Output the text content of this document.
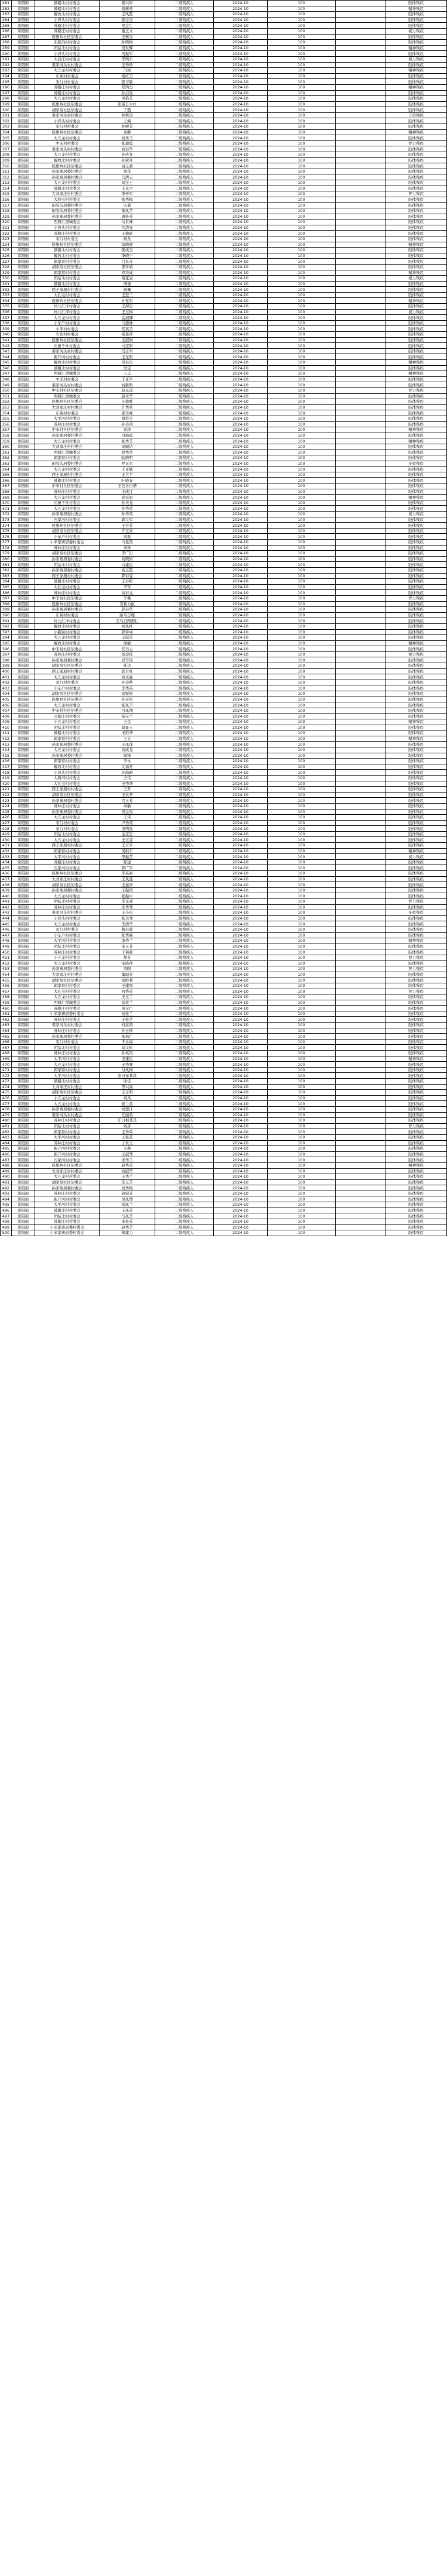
281	莱阳街	鼓楼北村村委会	姜兴如	二级残疾人	2024-10	100		肢体残疾
282	莱阳街	鼓楼北村村委会	战树芳	二级残疾人	2024-10	100		精神残疾
283	莱阳街	解放北村村委会	王风霞	二级残疾人	2024-10	100		肢体残疾
284	莱阳街	小泽头村村委会	张志杰	二级残疾人	2024-10	100		肢体残疾
285	莱阳街	苏格庄村村委会	吴金生	二级残疾人	2024-10	100		肢体残疾
286	莱阳街	苏格庄村村委会	董玉文	二级残疾人	2024-10	100		视力残疾
287	莱阳街	旌旗岭社区居委会	王树杰	二级残疾人	2024-10	100		肢体残疾
288	莱阳街	旧泥沟村村委会	孙晓梅	二级残疾人	2024-10	100		肢体残疾
289	莱阳街	团结北村村委会	吴发辉	二级残疾人	2024-10	100		精神残疾
290	莱阳街	小泽头村村委会	冯振军	二级残疾人	2024-10	100		肢体残疾
291	莱阳街	大吕庄村村委会	李晓东	二级残疾人	2024-10	100		视力残疾
292	莱阳街	姜家河头村村委会	王秀珍	二级残疾人	2024-10	100		肢体残疾
293	莱阳街	大五龙村村委会	冯成	二级残疾人	2024-10	100		精神残疾
294	莱阳街	东阁村村委会	杨红卫	二级残疾人	2024-10	100		肢体残疾
295	莱阳街	汞行村村委会	张丰敏	二级残疾人	2024-10	100		肢体残疾
296	莱阳街	苏格庄村村委会	郑鸿杰	二级残疾人	2024-10	100		精神残疾
297	莱阳街	苏格庄村村委会	孙启发	二级残疾人	2024-10	100		肢体残疾
298	莱阳街	大五龙村村委会	吴艳芳	二级残疾人	2024-10	100		肢体残疾
299	莱阳街	旌旗岭社区居委会	张富日木杜	二级残疾人	2024-10	100		肢体残疾
300	莱阳街	胡家窑社区居委会	于霞	二级残疾人	2024-10	100		肢体残疾
301	莱阳街	姜家河头村村委会	林秋凤	二级残疾人	2024-10	100		言语残疾
302	莱阳街	小泽头村村委会	王海	二级残疾人	2024-10	100		肢体残疾
303	莱阳街	汞行村村委会	林树芳	二级残疾人	2024-10	100		肢体残疾
304	莱阳街	旌旗岭社区居委会	刘静	二级残疾人	2024-10	100		精神残疾
305	莱阳街	大五龙村村委会	刘秀兰	二级残疾人	2024-10	100		肢体残疾
306	莱阳街	中宋村村委会	张盈霞	二级残疾人	2024-10	100		智力残疾
307	莱阳街	姜家河头村村委会	刘春华	二级残疾人	2024-10	100		肢体残疾
308	莱阳街	大五龙村村委会	孙庆发	二级残疾人	2024-10	100		肢体残疾
309	莱阳街	解放北村村委会	孙荣升	二级残疾人	2024-10	100		肢体残疾
310	莱阳街	旌旗岭社区居委会	白玉莉	二级残疾人	2024-10	100		肢体残疾
311	莱阳街	孙家寨居委村委会	刘华	二级残疾人	2024-10	100		肢体残疾
312	莱阳街	孙家寨居委村委会	马清云	二级残疾人	2024-10	100		肢体残疾
313	莱阳街	大五龙村村委会	刘宝王	二级残疾人	2024-10	100		肢体残疾
314	莱阳街	鼓楼北村村委会	王永全	二级残疾人	2024-10	100		肢体残疾
315	莱阳街	大刘家庄村村委会	李开军	二级残疾人	2024-10	100		智力残疾
316	莱阳街	大驿屯村村委会	张秀梅	二级残疾人	2024-10	100		肢体残疾
317	莱阳街	田胶沟居委村委会	宋菊	二级残疾人	2024-10	100		肢体残疾
318	莱阳街	田胶沟居委村委会	张凤芝	二级残疾人	2024-10	100		肢体残疾
319	莱阳街	孙家寨居委村委会	唐桂英	二级残疾人	2024-10	100		肢体残疾
320	莱阳街	西圆汇澄城委会	马世林	二级残疾人	2024-10	100		肢体残疾
321	莱阳街	小泽头村村委会	代清亮	二级残疾人	2024-10	100		肢体残疾
322	莱阳街	苏格庄村村委会	王德新	二级残疾人	2024-10	100		肢体残疾
323	莱阳街	汞行村村委会	杨龙	二级残疾人	2024-10	100		肢体残疾
324	莱阳街	旌旗岭社区居委会	刘晓婷	二级残疾人	2024-10	100		精神残疾
325	莱阳街	鼓楼北村村委会	张成杰	二级残疾人	2024-10	100		肢体残疾
326	莱阳街	解放北村村委会	李晓宁	二级残疾人	2024-10	100		肢体残疾
327	莱阳街	郭家窑村村委会	吕长寿	二级残疾人	2024-10	100		肢体残疾
328	莱阳街	胡家窑社区居委会	邵学斌	二级残疾人	2024-10	100		肢体残疾
329	莱阳街	郭家窑村村委会	邓美成	二级残疾人	2024-10	100		精神残疾
330	莱阳街	团结北村村委会	胡花妻	二级残疾人	2024-10	100		视力残疾
331	莱阳街	鼓楼北村村委会	柳德	二级残疾人	2024-10	100		肢体残疾
332	莱阳街	西王家屋村村委会	杨佩	二级残疾人	2024-10	100		肢体残疾
333	莱阳街	大孔屯村村委会	王进三	二级残疾人	2024-10	100		肢体残疾
334	莱阳街	旌旗岭社区居委会	杜宪军	二级残疾人	2024-10	100		精神残疾
335	莱阳街	杜北汇洋村委会	王海忠	二级残疾人	2024-10	100		肢体残疾
336	莱阳街	杜北汇泽村委会	王玉梅	二级残疾人	2024-10	100		视力残疾
337	莱阳街	大五龙村村委会	孟淑娜	二级残疾人	2024-10	100		肢体残疾
338	莱阳街	小东户村村委会	马德林	二级残疾人	2024-10	100		肢体残疾
339	莱阳街	中宋村村委会	安英美	二级残疾人	2024-10	100		肢体残疾
340	莱阳街	火智村村委会	杨桂珍	二级残疾人	2024-10	100		肢体残疾
341	莱阳街	旌旗岭社区居委会	王淑琳	二级残疾人	2024-10	100		肢体残疾
342	莱阳街	岳田千社村委会	马宝和	二级残疾人	2024-10	100		肢体残疾
343	莱阳街	姜家河头村村委会	闫志军	二级残疾人	2024-10	100		肢体残疾
344	莱阳街	新开河村村委会	王光明	二级残疾人	2024-10	100		肢体残疾
345	莱阳街	解放北村村委会	吴春杰	二级残疾人	2024-10	100		精神残疾
346	莱阳街	鼓楼北村村委会	吴宝	二级残疾人	2024-10	100		肢体残疾
347	莱阳街	西圆汇澄城委会	王志	二级残疾人	2024-10	100		精神残疾
348	莱阳街	中宋村村委会	于亚平	二级残疾人	2024-10	100		肢体残疾
349	莱阳街	姜家河头村村委会	刘新哲	二级残疾人	2024-10	100		肢体残疾
350	莱阳街	中宋村社区居委会	赵东瑶	二级残疾人	2024-10	100		智力残疾
351	莱阳街	西圆汇澄城委会	赵文华	二级残疾人	2024-10	100		肢体残疾
352	莱阳街	旌旗岭社区居委会	庄德胜	二级残疾人	2024-10	100		肢体残疾
353	莱阳街	大刘家庄村村委会	许秀荣	二级残疾人	2024-10	100		肢体残疾
354	莱阳街	东阁村村委会	邵岳峰	二级残疾人	2024-10	100		肢体残疾
355	莱阳街	大平河村村委会	贾进美	二级残疾人	2024-10	100		肢体残疾
356	莱阳街	苏林庄村村委会	孙美珍	二级残疾人	2024-10	100		肢体残疾
357	莱阳街	中宋村社区居委会	刘涛	二级残疾人	2024-10	100		精神残疾
358	莱阳街	孙家寨居委村委会	吕海霞	二级残疾人	2024-10	100		肢体残疾
359	莱阳街	大五龙村村委会	张秀芝	二级残疾人	2024-10	100		精神残疾
360	莱阳街	大刘家庄村村委会	刘顺洁	二级残疾人	2024-10	100		肢体残疾
361	莱阳街	西圆汇澄城委会	徐秀华	二级残疾人	2024-10	100		肢体残疾
362	莱阳街	郭家窑村村委会	陆晓明	二级残疾人	2024-10	100		肢体残疾
363	莱阳街	田胶沟居委村委会	罗正京	二级残疾人	2024-10	100		多重残疾
364	莱阳街	大五龙村村委会	于亚敏	二级残疾人	2024-10	100		肢体残疾
365	莱阳街	西王家屋村村委会	王大平	二级残疾人	2024-10	100		肢体残疾
366	莱阳街	鼓楼北村村委会	叶晓春	二级残疾人	2024-10	100		肢体残疾
367	莱阳街	中宋村社区居委会	王色各日塔	二级残疾人	2024-10	100		肢体残疾
368	莱阳街	苏林庄村村委会	王成江	二级残疾人	2024-10	100		肢体残疾
369	莱阳街	大五龙村村委会	成采娟	二级残疾人	2024-10	100		精神残疾
370	莱阳街	岳田千社村委会	孙美龙	二级残疾人	2024-10	100		肢体残疾
371	莱阳街	大五龙村村委会	孙秀荣	二级残疾人	2024-10	100		肢体残疾
372	莱阳街	孙家寨居委村委会	孙秀英	二级残疾人	2024-10	100		视力残疾
373	莱阳街	石家河村村委会	郭立军	二级残疾人	2024-10	100		肢体残疾
374	莱阳街	旌旗岭社区居委会	王芳芳	二级残疾人	2024-10	100		肢体残疾
375	莱阳街	胡家窑社区居委会	许玉富	二级残疾人	2024-10	100		肢体残疾
376	莱阳街	小东户村村委会	刘振	二级残疾人	2024-10	100		肢体残疾
377	莱阳街	小米家寨居委村委会	马桂英	二级残疾人	2024-10	100		肢体残疾
378	莱阳街	苏林庄村村委会	刘珍	二级残疾人	2024-10	100		肢体残疾
379	莱阳街	胡家窑社区居委会	李广田	二级残疾人	2024-10	100		肢体残疾
380	莱阳街	孙家寨居委村委会	刘晓娟	二级残疾人	2024-10	100		肢体残疾
381	莱阳街	团结北村村委会	马建民	二级残疾人	2024-10	100		肢体残疾
382	莱阳街	孙家寨居委村委会	高玉霞	二级残疾人	2024-10	100		肢体残疾
383	莱阳街	西王家屋村村委会	郭春宜	二级残疾人	2024-10	100		肢体残疾
384	莱阳街	鼓楼北村村委会	王春和	二级残疾人	2024-10	100		肢体残疾
385	莱阳街	大孔屯村村委会	李军	二级残疾人	2024-10	100		肢体残疾
386	莱阳街	苏林庄村村委会	刘春元	二级残疾人	2024-10	100		肢体残疾
387	莱阳街	中宋村社区居委会	李薇	二级残疾人	2024-10	100		智力残疾
388	莱阳街	旌旗岭社区居委会	麦莉力佤	二级残疾人	2024-10	100		肢体残疾
389	莱阳街	孙家寨居委村委会	郭春华	二级残疾人	2024-10	100		肢体残疾
390	莱阳街	东阁村村委会	丽乌日嘎	二级残疾人	2024-10	100		肢体残疾
391	莱阳街	杜北汇洋村委会	吉乌日图那仁	二级残疾人	2024-10	100		肢体残疾
392	莱阳街	解放北村村委会	刘凤红	二级残疾人	2024-10	100		肢体残疾
393	莱阳街	小新民村村委会	郭学成	二级残疾人	2024-10	100		肢体残疾
394	莱阳街	大五龙村村委会	王淑芳	二级残疾人	2024-10	100		肢体残疾
395	莱阳街	解放北村村委会	徐敏	二级残疾人	2024-10	100		精神残疾
396	莱阳街	中宋村社区居委会	安巧云	二级残疾人	2024-10	100		肢体残疾
397	莱阳街	苏林庄村村委会	刘金枝	二级残疾人	2024-10	100		视力残疾
398	莱阳街	孙家寨居委村委会	邓雪瑶	二级残疾人	2024-10	100		肢体残疾
399	莱阳街	胡家窑社区居委会	孙达	二级残疾人	2024-10	100		肢体残疾
400	莱阳街	西王家屋村村委会	郭月红	二级残疾人	2024-10	100		肢体残疾
401	莱阳街	大五龙村村委会	刘文强	二级残疾人	2024-10	100		肢体残疾
402	莱阳街	汞行村村委会	孙金秋	二级残疾人	2024-10	100		肢体残疾
403	莱阳街	小东户村村委会	李秀英	二级残疾人	2024-10	100		肢体残疾
404	莱阳街	胡家窑社区居委会	刘振梁	二级残疾人	2024-10	100		肢体残疾
405	莱阳街	旌旗岭社区居委会	孙开民	二级残疾人	2024-10	100		肢体残疾
406	莱阳街	大五龙村村委会	张凤兰	二级残疾人	2024-10	100		肢体残疾
407	莱阳街	中宋村社区居委会	吕凤翔	二级残疾人	2024-10	100		肢体残疾
408	莱阳街	公德庄村村委会	杨宝兰	二级残疾人	2024-10	100		肢体残疾
409	莱阳街	小五龙村村委会	王金	二级残疾人	2024-10	100		精神残疾
410	莱阳街	团结北村村委会	胡显玉	二级残疾人	2024-10	100		肢体残疾
411	莱阳街	鼓楼北村村委会	王维华	二级残疾人	2024-10	100		肢体残疾
412	莱阳街	郭家窑村村委会	王义	二级残疾人	2024-10	100		精神残疾
413	莱阳街	孙家寨居委村委会	王凤莲	二级残疾人	2024-10	100		肢体残疾
414	莱阳街	大五龙村村委会	刘成龙	二级残疾人	2024-10	100		肢体残疾
415	莱阳街	孙家寨居委村委会	阎锋	二级残疾人	2024-10	100		肢体残疾
416	莱阳街	郭家窑村村委会	李永	二级残疾人	2024-10	100		肢体残疾
417	莱阳街	解放北村村委会	关福芳	二级残疾人	2024-10	100		肢体残疾
418	莱阳街	小泽头村村委会	孙尚新	二级残疾人	2024-10	100		肢体残疾
419	莱阳街	大庙河村村委会	王伟	二级残疾人	2024-10	100		肢体残疾
420	莱阳街	大孔屯村村委会	王秀华	二级残疾人	2024-10	100		肢体残疾
421	莱阳街	西王家屋村村委会	王芳	二级残疾人	2024-10	100		肢体残疾
422	莱阳街	胡家窑社区居委会	王长孝	二级残疾人	2024-10	100		肢体残疾
423	莱阳街	孙家寨居委村委会	宫玉芳	二级残疾人	2024-10	100		肢体残疾
424	莱阳街	苏林庄村村委会	刘敏	二级残疾人	2024-10	100		肢体残疾
425	莱阳街	孙家寨居委村委会	吴金凤	二级残疾人	2024-10	100		肢体残疾
426	莱阳街	大五龙村村委会	王伟	二级残疾人	2024-10	100		肢体残疾
427	莱阳街	汞行村村委会	卢秀英	二级残疾人	2024-10	100		肢体残疾
428	莱阳街	汞行村村委会	吴明发	二级残疾人	2024-10	100		肢体残疾
429	莱阳街	团结北村村委会	金宝忠	二级残疾人	2024-10	100		肢体残疾
430	莱阳街	大五龙村村委会	王玉芬	二级残疾人	2024-10	100		肢体残疾
431	莱阳街	西王家屋村村委会	王立军	二级残疾人	2024-10	100		肢体残疾
432	莱阳街	郭家窑村村委会	吴维东	二级残疾人	2024-10	100		精神残疾
433	莱阳街	大平河村村委会	李振芝	二级残疾人	2024-10	100		视力残疾
434	莱阳街	苏格庄村村委会	陈建	二级残疾人	2024-10	100		肢体残疾
435	莱阳街	石家河村村委会	郭广军	二级残疾人	2024-10	100		肢体残疾
436	莱阳街	旌旗岭社区居委会	李英丽	二级残疾人	2024-10	100		肢体残疾
437	莱阳街	大刘家庄村村委会	王凤莲	二级残疾人	2024-10	100		肢体残疾
438	莱阳街	胡家窑社区居委会	王嘉宾	二级残疾人	2024-10	100		肢体残疾
439	莱阳街	孙家寨居委村委会	王振国	二级残疾人	2024-10	100		肢体残疾
440	莱阳街	大五龙村村委会	张振中	二级残疾人	2024-10	100		肢体残疾
441	莱阳街	团结北村村委会	李光成	二级残疾人	2024-10	100		智力残疾
442	莱阳街	苏林庄村村委会	宋秀琴	二级残疾人	2024-10	100		肢体残疾
443	莱阳街	姜家河头村村委会	王小贵	二级残疾人	2024-10	100		多重残疾
444	莱阳街	小泽头村村委会	张美琴	二级残疾人	2024-10	100		肢体残疾
445	莱阳街	大五龙村村委会	李清华	二级残疾人	2024-10	100		肢体残疾
446	莱阳街	汞行村村委会	魏春波	二级残疾人	2024-10	100		肢体残疾
447	莱阳街	小东户村村委会	张秀阁	二级残疾人	2024-10	100		肢体残疾
448	莱阳街	大平河村村委会	李秀兰	二级残疾人	2024-10	100		精神残疾
449	莱阳街	团结北村村委会	宋玉芬	二级残疾人	2024-10	100		肢体残疾
450	莱阳街	苏林庄村村委会	于莉莉	二级残疾人	2024-10	100		肢体残疾
451	莱阳街	小五龙村村委会	胡芬	二级残疾人	2024-10	100		视力残疾
452	莱阳街	大五龙村村委会	宋晓萍	二级残疾人	2024-10	100		肢体残疾
453	莱阳街	孙家寨居委村委会	李阳	二级残疾人	2024-10	100		智力残疾
454	莱阳街	大刘家庄村村委会	董淑英	二级残疾人	2024-10	100		肢体残疾
455	莱阳街	胡家窑社区居委会	刘胜利	二级残疾人	2024-10	100		肢体残疾
456	莱阳街	郭家窑村村委会	王建国	二级残疾人	2024-10	100		肢体残疾
457	莱阳街	大孔屯村村委会	何秀英	二级残疾人	2024-10	100		智力残疾
458	莱阳街	大五龙村村委会	王玉兰	二级残疾人	2024-10	100		肢体残疾
459	莱阳街	西圆汇澄城委会	刘素兰	二级残疾人	2024-10	100		肢体残疾
460	莱阳街	苏格庄村村委会	黄宝仁	二级残疾人	2024-10	100		肢体残疾
461	莱阳街	小米家寨居委村委会	刘桂兰	二级残疾人	2024-10	100		肢体残疾
462	莱阳街	苏林庄村村委会	王桂芝	二级残疾人	2024-10	100		肢体残疾
463	莱阳街	姜家河头村村委会	何素英	二级残疾人	2024-10	100		肢体残疾
464	莱阳街	苏林庄村村委会	孙玉珍	二级残疾人	2024-10	100		肢体残疾
465	莱阳街	孙家寨居委村委会	张林仁	二级残疾人	2024-10	100		肢体残疾
466	莱阳街	汞行村村委会	于水福	二级残疾人	2024-10	100		肢体残疾
467	莱阳街	团结北村村委会	刘文彬	二级残疾人	2024-10	100		肢体残疾
468	莱阳街	苏林庄村村委会	孙英凤	二级残疾人	2024-10	100		肢体残疾
469	莱阳街	大平河村村委会	王建民	二级残疾人	2024-10	100		精神残疾
470	莱阳街	大五龙村村委会	王秀琴	二级残疾人	2024-10	100		肢体残疾
471	莱阳街	郭家窑村村委会	付凤梅	二级残疾人	2024-10	100		肢体残疾
472	莱阳街	大平河村村委会	张日布其其	二级残疾人	2024-10	100		肢体残疾
473	莱阳街	鼓楼北村村委会	徐佳	二级残疾人	2024-10	100		肢体残疾
474	莱阳街	大刘家庄村村委会	李兴福	二级残疾人	2024-10	100		肢体残疾
475	莱阳街	胡家窑社区居委会	王志明	二级残疾人	2024-10	100		肢体残疾
476	莱阳街	小五龙村村委会	刘凤	二级残疾人	2024-10	100		肢体残疾
477	莱阳街	大五龙村村委会	张兰英	二级残疾人	2024-10	100		肢体残疾
478	莱阳街	孙家寨居委村委会	刘德江	二级残疾人	2024-10	100		肢体残疾
479	莱阳街	姜家河头村村委会	任丽英	二级残疾人	2024-10	100		肢体残疾
480	莱阳街	苏林庄村村委会	任日根其其	二级残疾人	2024-10	100		肢体残疾
481	莱阳街	团结北村村委会	刘彦	二级残疾人	2024-10	100		智力残疾
482	莱阳街	郭家窑村村委会	王秀荣	二级残疾人	2024-10	100		肢体残疾
483	莱阳街	大平河村村委会	王桂花	二级残疾人	2024-10	100		肢体残疾
484	莱阳街	苏林庄村村委会	丁世玉	二级残疾人	2024-10	100		肢体残疾
485	莱阳街	新开河村村委会	宋燕	二级残疾人	2024-10	100		肢体残疾
486	莱阳街	新开河村村委会	王淑琴	二级残疾人	2024-10	100		肢体残疾
487	莱阳街	石家河村村委会	宋秀兰	二级残疾人	2024-10	100		肢体残疾
488	莱阳街	旌旗岭社区居委会	赵秀英	二级残疾人	2024-10	100		精神残疾
489	莱阳街	大刘家庄村村委会	刘淑华	二级残疾人	2024-10	100		肢体残疾
490	莱阳街	大五龙村村委会	王秀兰	二级残疾人	2024-10	100		肢体残疾
491	莱阳街	胡家窑社区居委会	李玉芝	二级残疾人	2024-10	100		肢体残疾
492	莱阳街	孙家寨居委村委会	刘秀梅	二级残疾人	2024-10	100		肢体残疾
493	莱阳街	苏林庄村村委会	赵淑芬	二级残疾人	2024-10	100		肢体残疾
494	莱阳街	新开河村村委会	吴凤琴	二级残疾人	2024-10	100		肢体残疾
495	莱阳街	大平河村村委会	刘凤兰	二级残疾人	2024-10	100		肢体残疾
496	莱阳街	鼓楼北村村委会	王凤英	二级残疾人	2024-10	100		肢体残疾
497	莱阳街	团结北村村委会	马凤芝	二级残疾人	2024-10	100		肢体残疾
498	莱阳街	苏格庄村村委会	李桂英	二级残疾人	2024-10	100		肢体残疾
499	莱阳街	小米家寨居委村委会	赵秀芝	二级残疾人	2024-10	100		肢体残疾
500	莱阳街	小米家寨居委村委会	郑建力	二级残疾人	2024-10	100		肢体残疾
